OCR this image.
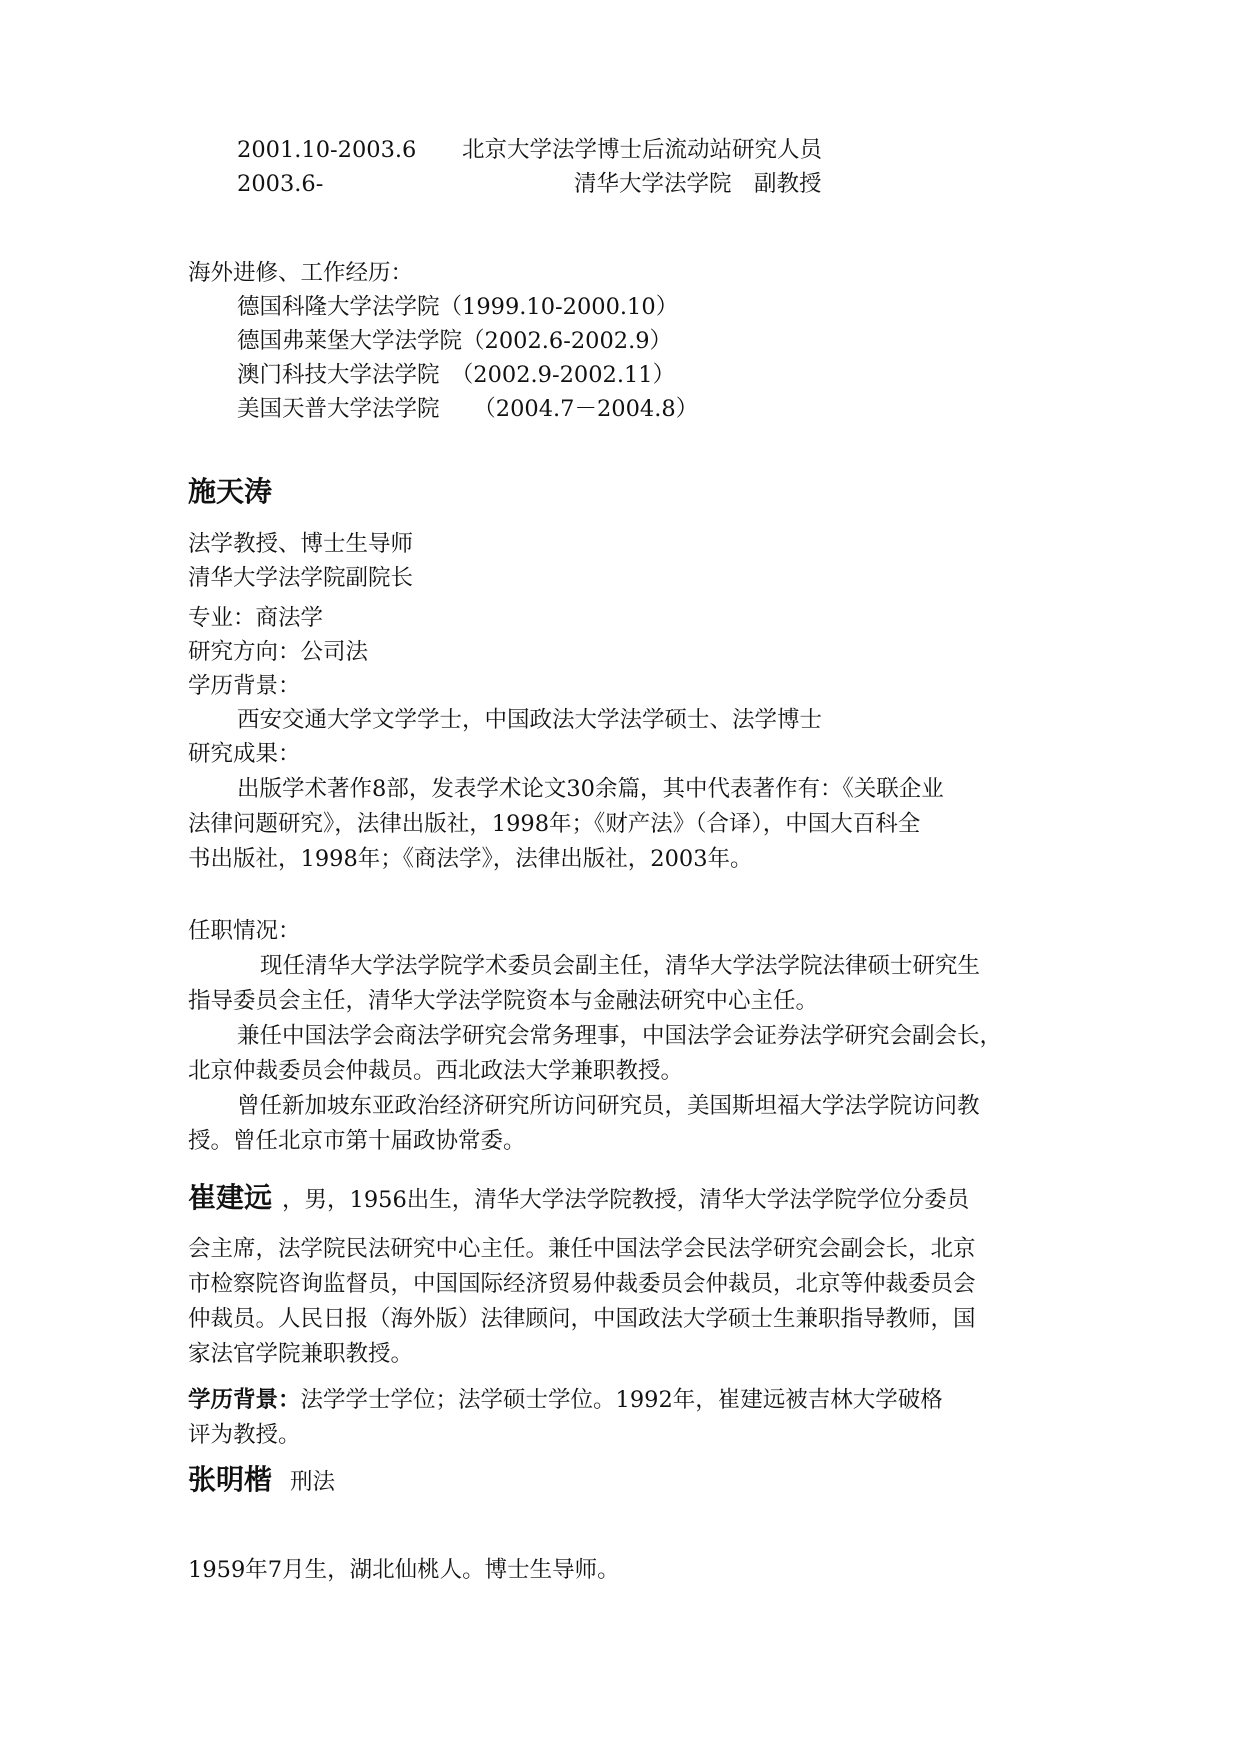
2001.10-2003.6 北京大学法学博士后流动站研究人员
2003.6-	清华大学法学院　副教授

海外进修、工作经历：

德国科隆大学法学院（1999.10-2000.10）

德国弗莱堡大学法学院（2002.6-2002.9）

澳门科技大学法学院　（2002.9-2002.11）

美国天普大学法学院　　（2004.7－2004.8）

施天涛

法学教授、博士生导师

清华大学法学院副院长

专业：商法学

研究方向：公司法

学历背景：

西安交通大学文学学士，中国政法大学法学硕士、法学博士

研究成果：

出版学术著作8部，发表学术论文30余篇，其中代表著作有：《关联企业

法律问题研究》，法律出版社，1998年；《财产法》（合译），中国大百科全

书出版社，1998年；《商法学》，法律出版社，2003年。

任职情况：

现任清华大学法学院学术委员会副主任，清华大学法学院法律硕士研究生

指导委员会主任，清华大学法学院资本与金融法研究中心主任。

兼任中国法学会商法学研究会常务理事，中国法学会证券法学研究会副会长，

北京仲裁委员会仲裁员。西北政法大学兼职教授。

曾任新加坡东亚政治经济研究所访问研究员，美国斯坦福大学法学院访问教

授。曾任北京市第十届政协常委。

崔建远 ，男，1956出生，清华大学法学院教授，清华大学法学院学位分委员

会主席，法学院民法研究中心主任。兼任中国法学会民法学研究会副会长，北京

市检察院咨询监督员，中国国际经济贸易仲裁委员会仲裁员，北京等仲裁委员会

仲裁员。人民日报（海外版）法律顾问，中国政法大学硕士生兼职指导教师，国

家法官学院兼职教授。

学历背景：法学学士学位；法学硕士学位。1992年，崔建远被吉林大学破格

评为教授。

张明楷 刑法

1959年7月生，湖北仙桃人。博士生导师。
